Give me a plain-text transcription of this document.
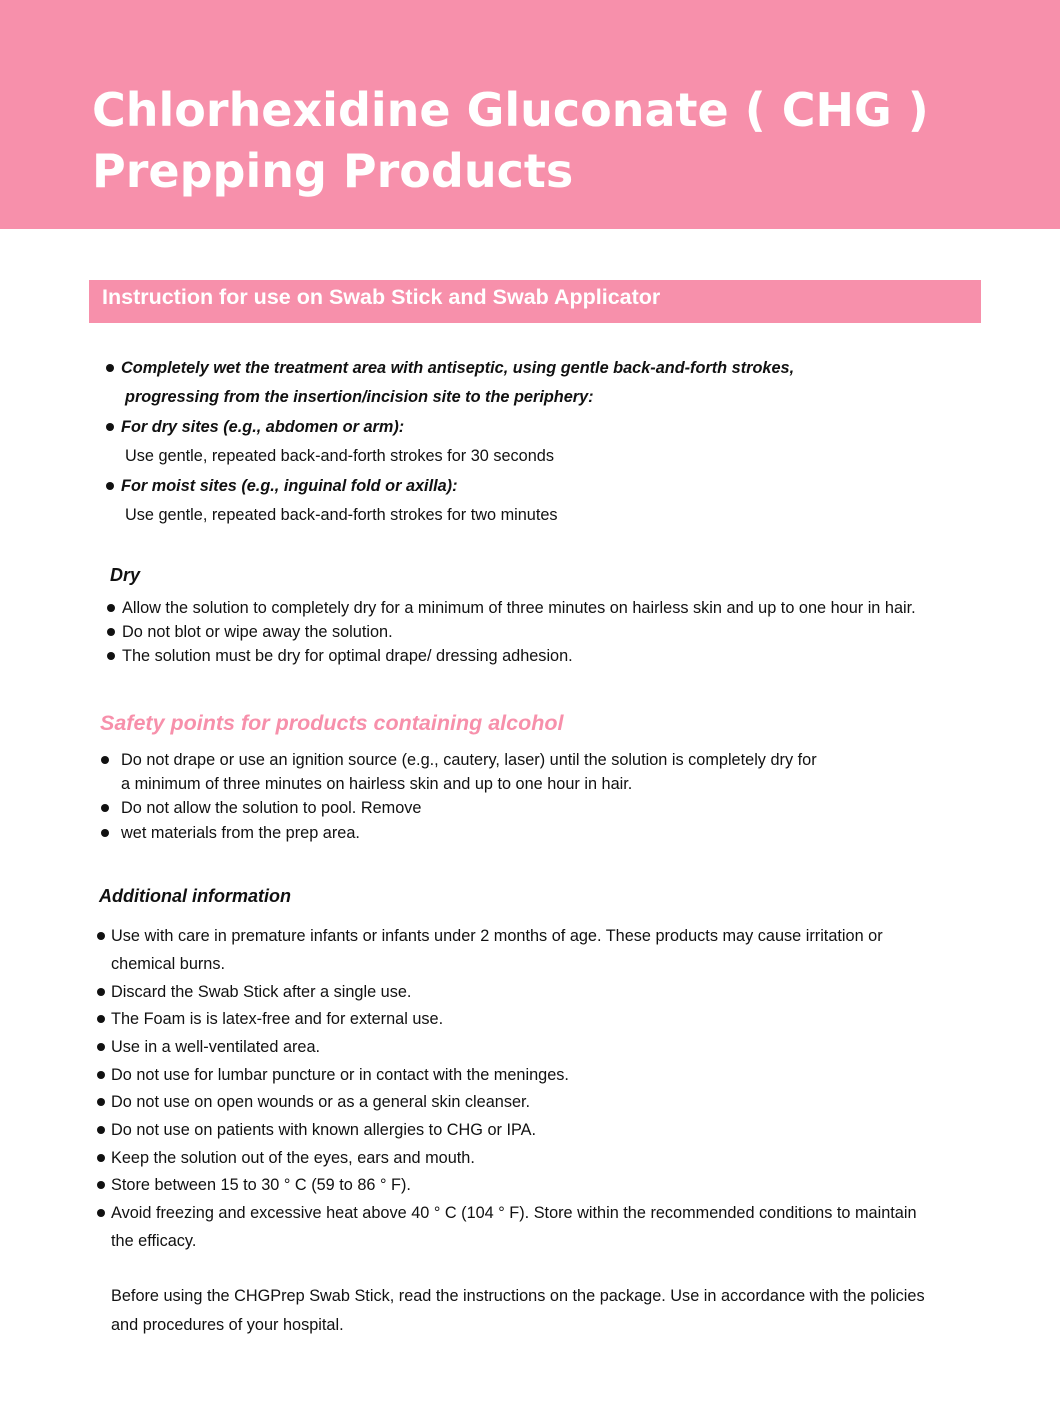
Chlorhexidine Gluconate ( CHG )
Prepping Products
Instruction for use on Swab Stick and Swab Applicator
Completely wet the treatment area with antiseptic, using gentle back-and-forth strokes,
progressing from the insertion/incision site to the periphery:
For dry sites (e.g., abdomen or arm):
Use gentle, repeated back-and-forth strokes for 30 seconds
For moist sites (e.g., inguinal fold or axilla):
Use gentle, repeated back-and-forth strokes for two minutes
Dry
Allow the solution to completely dry for a minimum of three minutes on hairless skin and up to one hour in hair.
Do not blot or wipe away the solution.
The solution must be dry for optimal drape/ dressing adhesion.
Safety points for products containing alcohol
Do not drape or use an ignition source (e.g., cautery, laser) until the solution is completely dry for
a minimum of three minutes on hairless skin and up to one hour in hair.
Do not allow the solution to pool. Remove
wet materials from the prep area.
Additional information
Use with care in premature infants or infants under 2 months of age. These products may cause irritation or
chemical burns.
Discard the Swab Stick after a single use.
The Foam is is latex-free and for external use.
Use in a well-ventilated area.
Do not use for lumbar puncture or in contact with the meninges.
Do not use on open wounds or as a general skin cleanser.
Do not use on patients with known allergies to CHG or IPA.
Keep the solution out of the eyes, ears and mouth.
Store between 15 to 30 ° C (59 to 86 ° F).
Avoid freezing and excessive heat above 40 ° C (104 ° F). Store within the recommended conditions to maintain
the efficacy.
Before using the CHGPrep Swab Stick, read the instructions on the package. Use in accordance with the policies
and procedures of your hospital.
